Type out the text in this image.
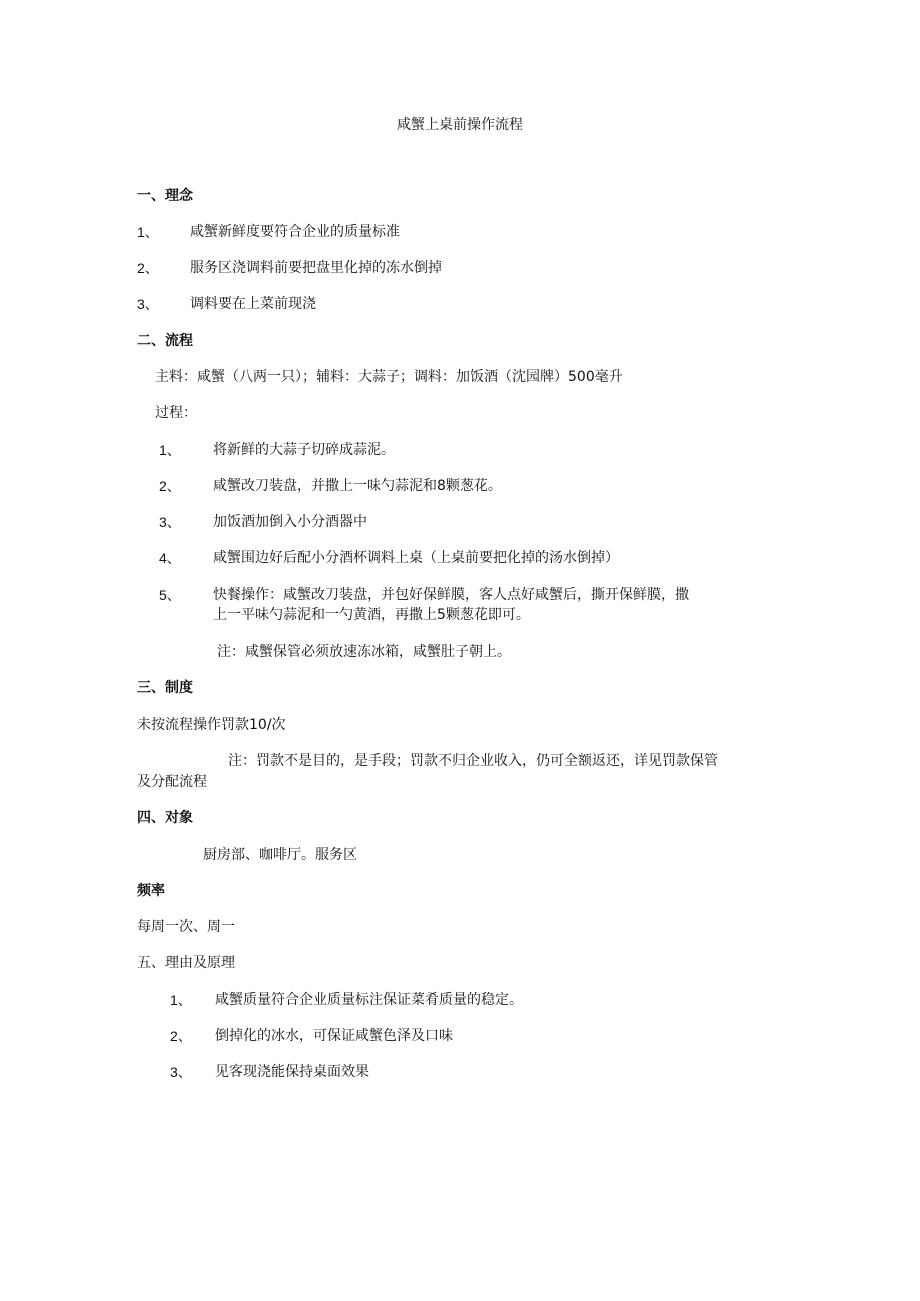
咸蟹上桌前操作流程
一、理念
1、 咸蟹新鲜度要符合企业的质量标准
2、 服务区浇调料前要把盘里化掉的冻水倒掉
3、 调料要在上菜前现浇
二、流程
主料：咸蟹（八两一只）；辅料：大蒜子；调料：加饭酒（沈园牌）500毫升
过程：
1、 将新鲜的大蒜子切碎成蒜泥。
2、 咸蟹改刀装盘，并撒上一味勺蒜泥和8颗葱花。
3、 加饭酒加倒入小分酒器中
4、 咸蟹围边好后配小分酒杯调料上桌（上桌前要把化掉的汤水倒掉）
5、 快餐操作：咸蟹改刀装盘，并包好保鲜膜，客人点好咸蟹后，撕开保鲜膜，撒
上一平味勺蒜泥和一勺黄酒，再撒上5颗葱花即可。
注：咸蟹保管必须放速冻冰箱，咸蟹肚子朝上。
三、制度
未按流程操作罚款10/次
注：罚款不是目的，是手段；罚款不归企业收入，仍可全额返还，详见罚款保管
及分配流程
四、对象
厨房部、咖啡厅。服务区
频率
每周一次、周一
五、理由及原理
1、 咸蟹质量符合企业质量标注保证菜肴质量的稳定。
2、 倒掉化的冰水，可保证咸蟹色泽及口味
3、 见客现浇能保持桌面效果
